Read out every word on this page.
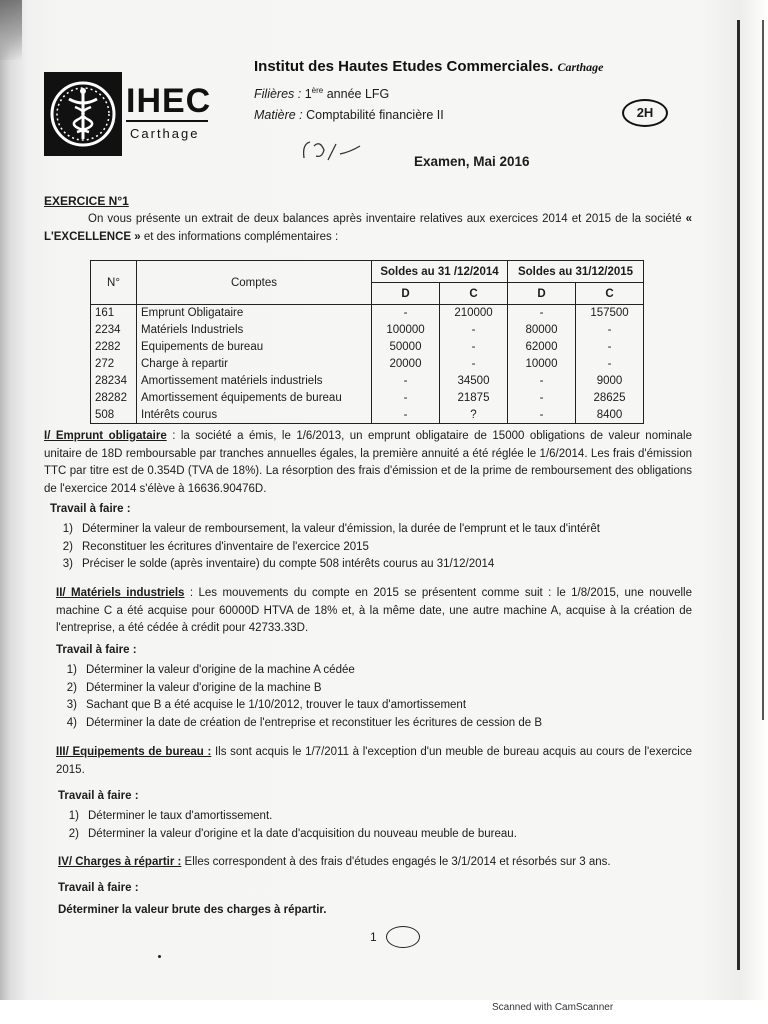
IHEC
Carthage
Institut des Hautes Etudes Commerciales. Carthage
Filières : 1ère année LFG
Matière : Comptabilité financière II	2H
Examen, Mai 2016
EXERCICE N°1
On vous présente un extrait de deux balances après inventaire relatives aux exercices 2014 et 2015 de la société « L'EXCELLENCE » et des informations complémentaires :
N°	Comptes	Soldes au 31 /12/2014		Soldes au 31/12/2015	
		D	C	D	C
161	Emprunt Obligataire	-	210000	-	157500
2234	Matériels Industriels	100000	-	80000	-
2282	Equipements de bureau	50000	-	62000	-
272	Charge à repartir	20000	-	10000	-
28234	Amortissement matériels industriels	-	34500	-	9000
28282	Amortissement équipements de bureau	-	21875	-	28625
508	Intérêts courus	-	?	-	8400
I/ Emprunt obligataire : la société a émis, le 1/6/2013, un emprunt obligataire de 15000 obligations de valeur nominale unitaire de 18D remboursable par tranches annuelles égales, la première annuité a été réglée le 1/6/2014. Les frais d'émission TTC par titre est de 0.354D (TVA de 18%). La résorption des frais d'émission et de la prime de remboursement des obligations de l'exercice 2014 s'élève à 16636.90476D.
Travail à faire :
1) Déterminer la valeur de remboursement, la valeur d'émission, la durée de l'emprunt et le taux d'intérêt
2) Reconstituer les écritures d'inventaire de l'exercice 2015
3) Préciser le solde (après inventaire) du compte 508 intérêts courus au 31/12/2014
II/ Matériels industriels : Les mouvements du compte en 2015 se présentent comme suit : le 1/8/2015, une nouvelle machine C a été acquise pour 60000D HTVA de 18% et, à la même date, une autre machine A, acquise à la création de l'entreprise, a été cédée à crédit pour 42733.33D.
Travail à faire :
1) Déterminer la valeur d'origine de la machine A cédée
2) Déterminer la valeur d'origine de la machine B
3) Sachant que B a été acquise le 1/10/2012, trouver le taux d'amortissement
4) Déterminer la date de création de l'entreprise et reconstituer les écritures de cession de B
III/ Equipements de bureau : Ils sont acquis le 1/7/2011 à l'exception d'un meuble de bureau acquis au cours de l'exercice 2015.
Travail à faire :
1) Déterminer le taux d'amortissement.
2) Déterminer la valeur d'origine et la date d'acquisition du nouveau meuble de bureau.
IV/ Charges à répartir : Elles correspondent à des frais d'études engagés le 3/1/2014 et résorbés sur 3 ans.
Travail à faire :
Déterminer la valeur brute des charges à répartir.
1
Scanned with CamScanner
